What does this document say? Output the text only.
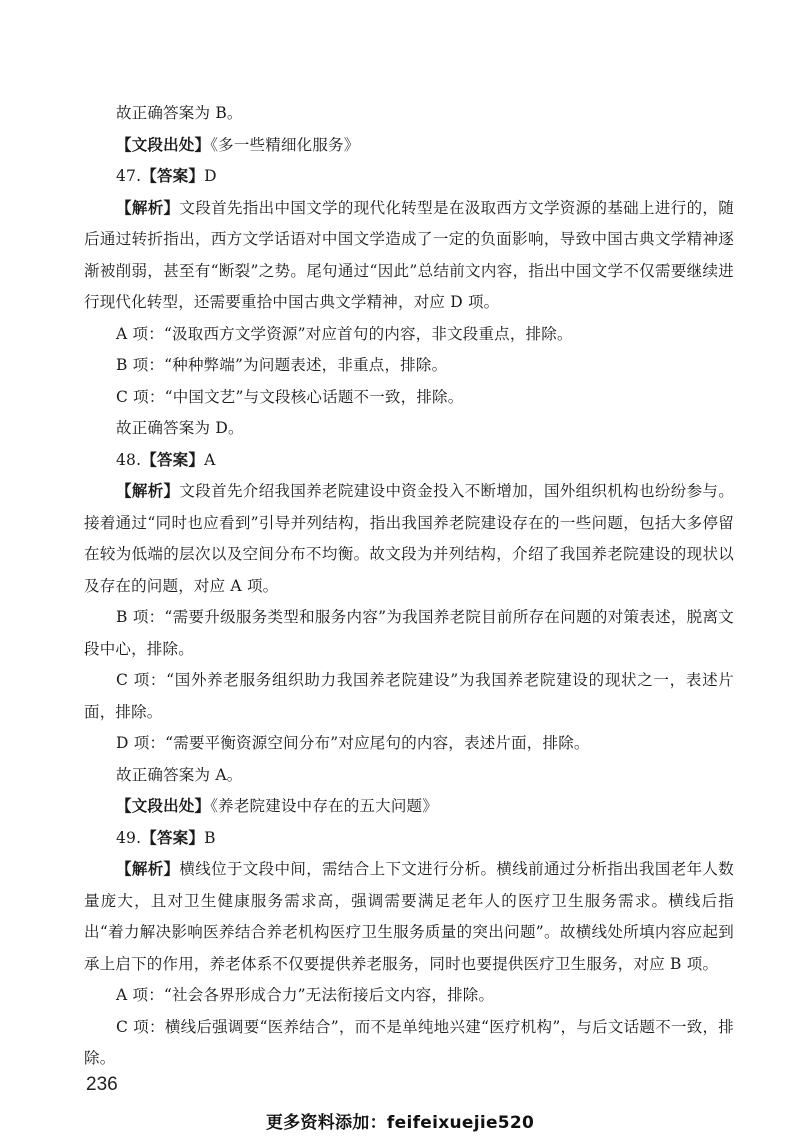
故正确答案为 B。

【文段出处】《多一些精细化服务》

47.【答案】D

【解析】文段首先指出中国文学的现代化转型是在汲取西方文学资源的基础上进行的，随后通过转折指出，西方文学话语对中国文学造成了一定的负面影响，导致中国古典文学精神逐渐被削弱，甚至有“断裂”之势。尾句通过“因此”总结前文内容，指出中国文学不仅需要继续进行现代化转型，还需要重拾中国古典文学精神，对应 D 项。

A 项：“汲取西方文学资源”对应首句的内容，非文段重点，排除。

B 项：“种种弊端”为问题表述，非重点，排除。

C 项：“中国文艺”与文段核心话题不一致，排除。

故正确答案为 D。

48.【答案】A

【解析】文段首先介绍我国养老院建设中资金投入不断增加，国外组织机构也纷纷参与。接着通过“同时也应看到”引导并列结构，指出我国养老院建设存在的一些问题，包括大多停留在较为低端的层次以及空间分布不均衡。故文段为并列结构，介绍了我国养老院建设的现状以及存在的问题，对应 A 项。

B 项：“需要升级服务类型和服务内容”为我国养老院目前所存在问题的对策表述，脱离文段中心，排除。

C 项：“国外养老服务组织助力我国养老院建设”为我国养老院建设的现状之一，表述片面，排除。

D 项：“需要平衡资源空间分布”对应尾句的内容，表述片面，排除。

故正确答案为 A。

【文段出处】《养老院建设中存在的五大问题》

49.【答案】B

【解析】横线位于文段中间，需结合上下文进行分析。横线前通过分析指出我国老年人数量庞大，且对卫生健康服务需求高，强调需要满足老年人的医疗卫生服务需求。横线后指出“着力解决影响医养结合养老机构医疗卫生服务质量的突出问题”。故横线处所填内容应起到承上启下的作用，养老体系不仅要提供养老服务，同时也要提供医疗卫生服务，对应 B 项。

A 项：“社会各界形成合力”无法衔接后文内容，排除。

C 项：横线后强调要“医养结合”，而不是单纯地兴建“医疗机构”，与后文话题不一致，排除。

236
更多资料添加：feifeixuejie520
